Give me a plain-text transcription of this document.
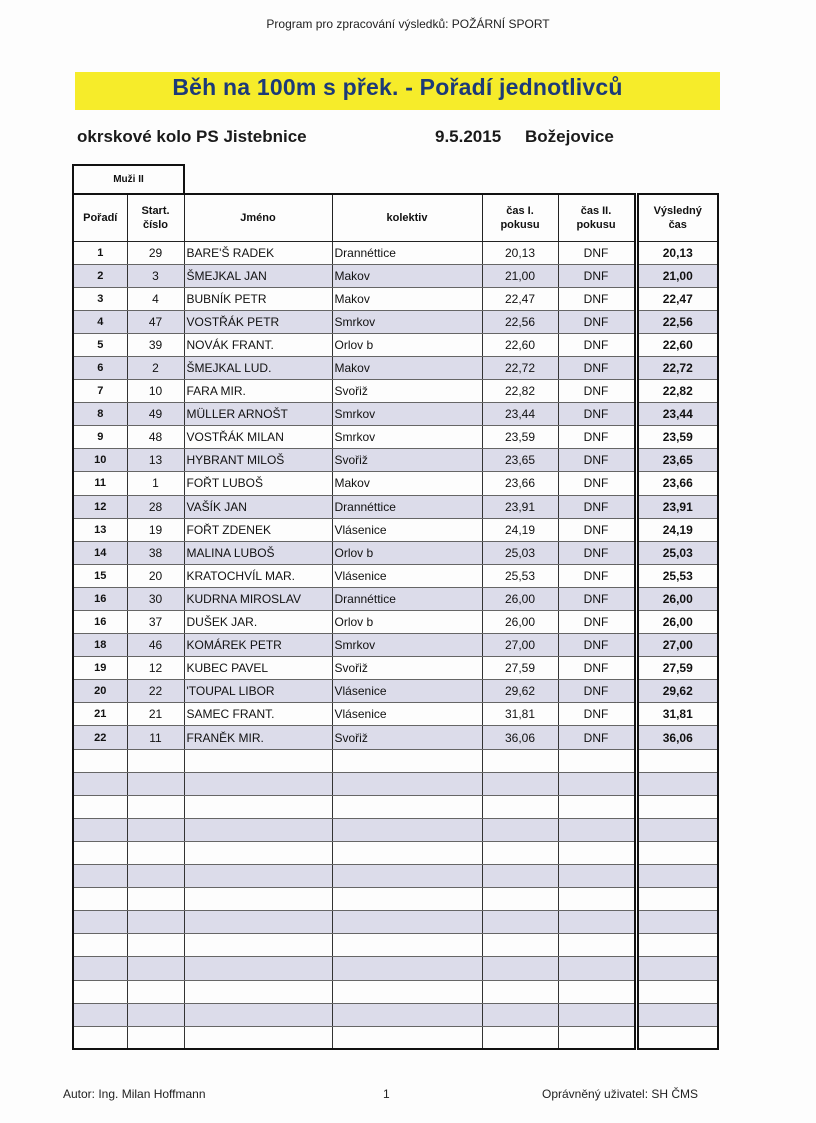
Program pro zpracování výsledků: POŽÁRNÍ SPORT
Běh na 100m s přek. - Pořadí jednotlivců
okrskové kolo PS Jistebnice	9.5.2015 Božejovice
Muži II
Pořadí	Start. číslo	Jméno	kolektiv	čas I. pokusu	čas II. pokusu	Výsledný čas
1	29	BARE'Š RADEK	Drannéttice	20,13	DNF	20,13
2	3	ŠMEJKAL JAN	Makov	21,00	DNF	21,00
3	4	BUBNÍK PETR	Makov	22,47	DNF	22,47
4	47	VOSTŘÁK PETR	Smrkov	22,56	DNF	22,56
5	39	NOVÁK FRANT.	Orlov b	22,60	DNF	22,60
6	2	ŠMEJKAL LUD.	Makov	22,72	DNF	22,72
7	10	FARA MIR.	Svořiž	22,82	DNF	22,82
8	49	MÜLLER ARNOŠT	Smrkov	23,44	DNF	23,44
9	48	VOSTŘÁK MILAN	Smrkov	23,59	DNF	23,59
10	13	HYBRANT MILOŠ	Svořiž	23,65	DNF	23,65
11	1	FOŘT LUBOŠ	Makov	23,66	DNF	23,66
12	28	VAŠÍK JAN	Drannéttice	23,91	DNF	23,91
13	19	FOŘT ZDENEK	Vlásenice	24,19	DNF	24,19
14	38	MALINA LUBOŠ	Orlov b	25,03	DNF	25,03
15	20	KRATOCHVÍL MAR.	Vlásenice	25,53	DNF	25,53
16	30	KUDRNA MIROSLAV	Drannéttice	26,00	DNF	26,00
16	37	DUŠEK JAR.	Orlov b	26,00	DNF	26,00
18	46	KOMÁREK PETR	Smrkov	27,00	DNF	27,00
19	12	KUBEC PAVEL	Svořiž	27,59	DNF	27,59
20	22	'TOUPAL LIBOR	Vlásenice	29,62	DNF	29,62
21	21	SAMEC FRANT.	Vlásenice	31,81	DNF	31,81
22	11	FRANĚK MIR.	Svořiž	36,06	DNF	36,06

Autor: Ing. Milan Hoffmann	1	Oprávněný uživatel: SH ČMS
